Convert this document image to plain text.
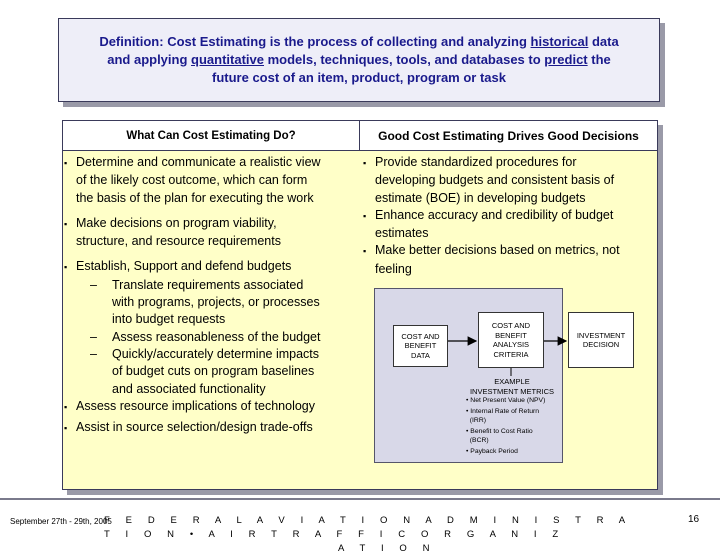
Definition: Cost Estimating is the process of collecting and analyzing historical data
and applying quantitative models, techniques, tools, and databases to predict the
future cost of an item, product, program or task
What Can Cost Estimating Do?	Good Cost Estimating Drives Good Decisions
▪ Determine and communicate a realistic view
of the likely cost outcome, which can form
the basis of the plan for executing the work
▪ Make decisions on program viability,
structure, and resource requirements
▪ Establish, Support and defend budgets
– Translate requirements associated
with programs, projects, or processes
into budget requests
– Assess reasonableness of the budget
– Quickly/accurately determine impacts
of budget cuts on program baselines
and associated functionality
▪ Assess resource implications of technology
▪ Assist in source selection/design trade-offs
▪ Provide standardized procedures for
developing budgets and consistent basis of
estimate (BOE) in developing budgets
▪ Enhance accuracy and credibility of budget
estimates
▪ Make better decisions based on metrics, not
feeling
COST AND
BENEFIT
DATA
COST AND
BENEFIT
ANALYSIS
CRITERIA
INVESTMENT
DECISION
EXAMPLE
INVESTMENT METRICS
• Net Present Value (NPV)
• Internal Rate of Return
(IRR)
• Benefit to Cost Ratio
(BCR)
• Payback Period
September 27th - 29th, 2005
F E D E R A L A V I A T I O N A D M I N I S T R A T I O N • A I R T R A F F I C O R G A N I Z
A T I O N
16
